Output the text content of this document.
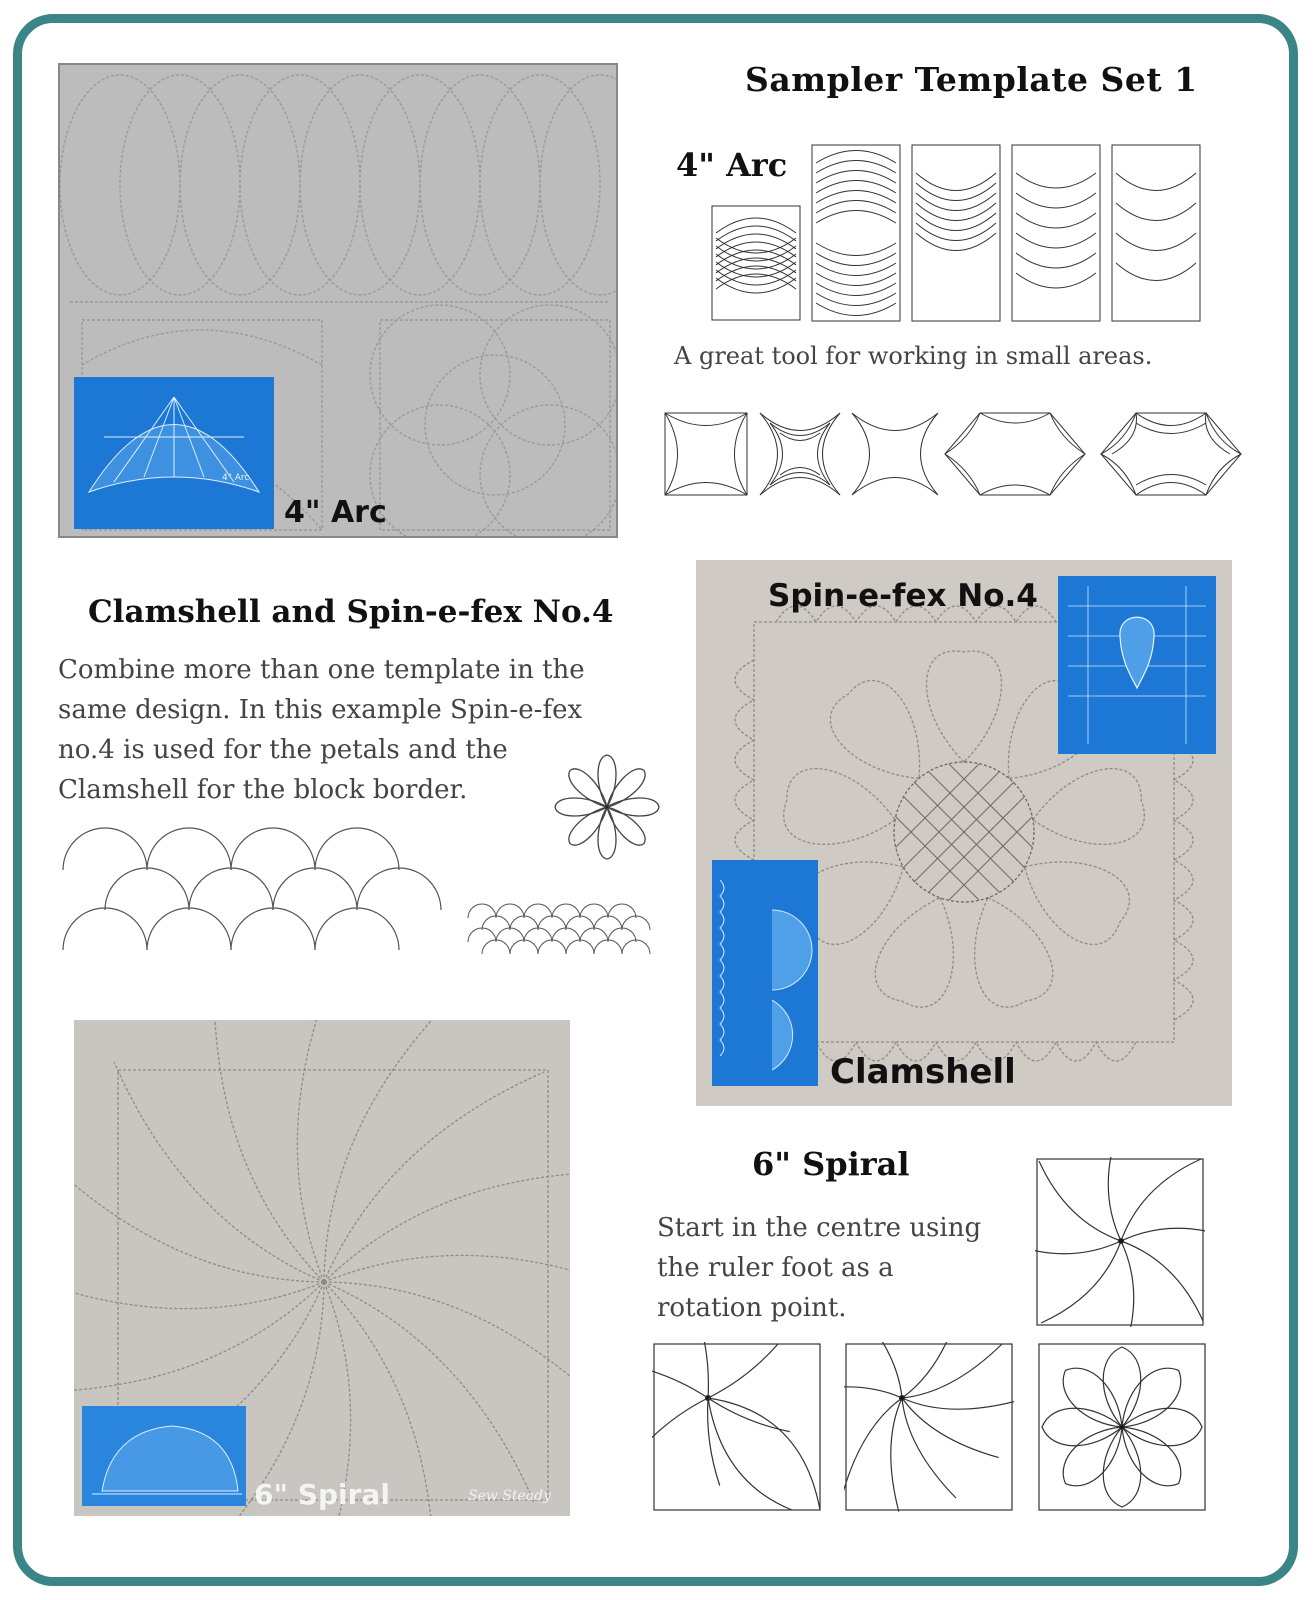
Sampler Template Set 1
4" Arc
4" Arc
4" Arc
A great tool for working in small areas.
Clamshell and Spin-e-fex No.4
Combine more than one template in the
same design. In this example Spin-e-fex
no.4 is used for the petals and the
Clamshell for the block border.
Spin-e-fex No.4
Clamshell
6" Spiral	Sew Steady
6" Spiral
Start in the centre using
the ruler foot as a
rotation point.
